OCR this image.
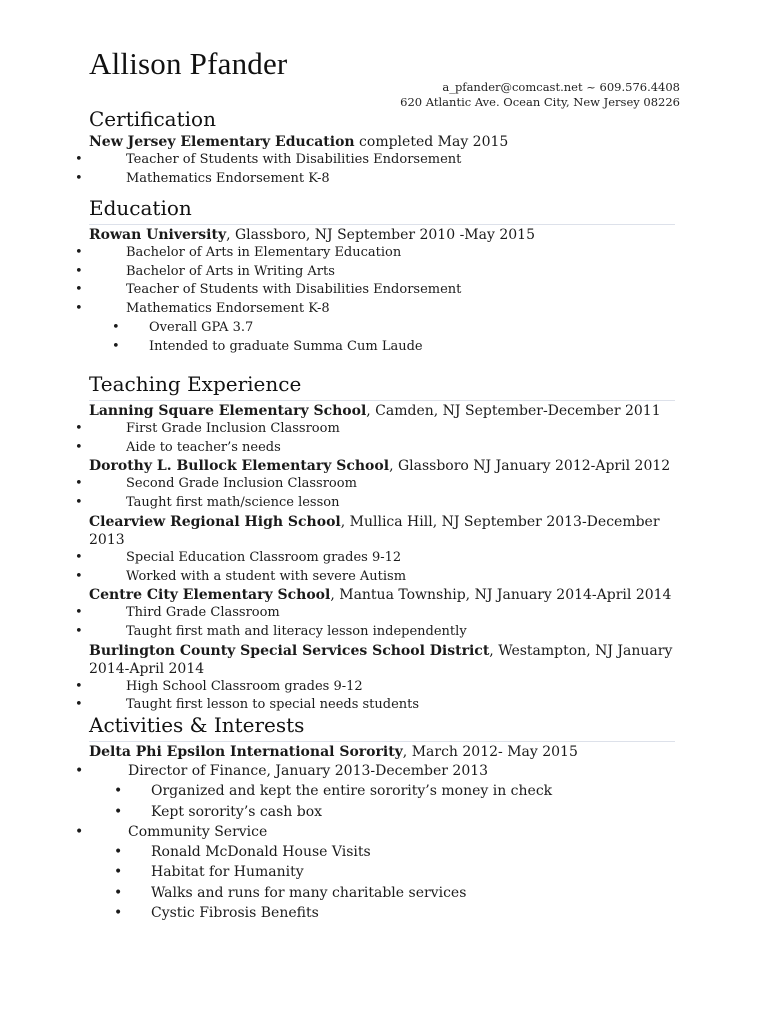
Allison Pfander
a_pfander@comcast.net ~ 609.576.4408
620 Atlantic Ave. Ocean City, New Jersey 08226
Certification
New Jersey Elementary Education completed May 2015
• Teacher of Students with Disabilities Endorsement
• Mathematics Endorsement K-8
Education
Rowan University, Glassboro, NJ September 2010 -May 2015
• Bachelor of Arts in Elementary Education
• Bachelor of Arts in Writing Arts
• Teacher of Students with Disabilities Endorsement
• Mathematics Endorsement K-8
• Overall GPA 3.7
• Intended to graduate Summa Cum Laude
Teaching Experience
Lanning Square Elementary School, Camden, NJ September-December 2011
• First Grade Inclusion Classroom
• Aide to teacher’s needs
Dorothy L. Bullock Elementary School, Glassboro NJ January 2012-April 2012
• Second Grade Inclusion Classroom
• Taught first math/science lesson
Clearview Regional High School, Mullica Hill, NJ September 2013-December 2013
• Special Education Classroom grades 9-12
• Worked with a student with severe Autism
Centre City Elementary School, Mantua Township, NJ January 2014-April 2014
• Third Grade Classroom
• Taught first math and literacy lesson independently
Burlington County Special Services School District, Westampton, NJ January 2014-April 2014
• High School Classroom grades 9-12
• Taught first lesson to special needs students
Activities & Interests
Delta Phi Epsilon International Sorority, March 2012- May 2015
• Director of Finance, January 2013-December 2013
• Organized and kept the entire sorority’s money in check
• Kept sorority’s cash box
• Community Service
• Ronald McDonald House Visits
• Habitat for Humanity
• Walks and runs for many charitable services
• Cystic Fibrosis Benefits
